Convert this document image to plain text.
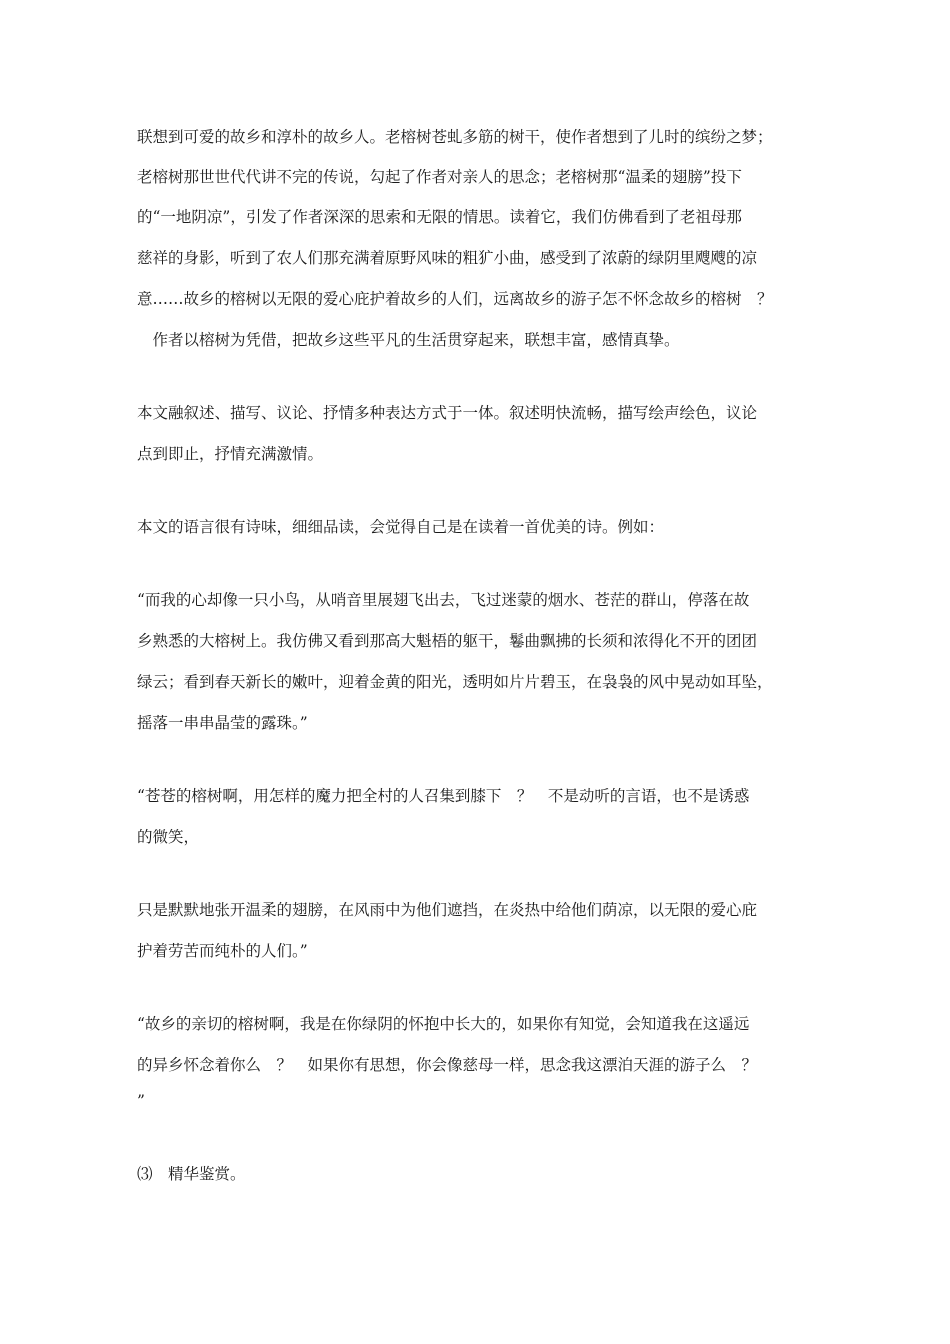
联想到可爱的故乡和淳朴的故乡人。老榕树苍虬多筋的树干，使作者想到了儿时的缤纷之梦；
老榕树那世世代代讲不完的传说，勾起了作者对亲人的思念；老榕树那“温柔的翅膀”投下
的“一地阴凉”，引发了作者深深的思索和无限的情思。读着它，我们仿佛看到了老祖母那
慈祥的身影，听到了农人们那充满着原野风味的粗犷小曲，感受到了浓蔚的绿阴里飕飕的凉
意……故乡的榕树以无限的爱心庇护着故乡的人们，远离故乡的游子怎不怀念故乡的榕树　？
　作者以榕树为凭借，把故乡这些平凡的生活贯穿起来，联想丰富，感情真挚。
本文融叙述、描写、议论、抒情多种表达方式于一体。叙述明快流畅，描写绘声绘色，议论
点到即止，抒情充满激情。
本文的语言很有诗味，细细品读，会觉得自己是在读着一首优美的诗。例如：
“而我的心却像一只小鸟，从哨音里展翅飞出去，飞过迷蒙的烟水、苍茫的群山，停落在故
乡熟悉的大榕树上。我仿佛又看到那高大魁梧的躯干，鬈曲飘拂的长须和浓得化不开的团团
绿云；看到春天新长的嫩叶，迎着金黄的阳光，透明如片片碧玉，在袅袅的风中晃动如耳坠，
摇落一串串晶莹的露珠。”
“苍苍的榕树啊，用怎样的魔力把全村的人召集到膝下　？　不是动听的言语，也不是诱惑
的微笑，
只是默默地张开温柔的翅膀，在风雨中为他们遮挡，在炎热中给他们荫凉，以无限的爱心庇
护着劳苦而纯朴的人们。”
“故乡的亲切的榕树啊，我是在你绿阴的怀抱中长大的，如果你有知觉，会知道我在这遥远
的异乡怀念着你么　？　如果你有思想，你会像慈母一样，思念我这漂泊天涯的游子么　？
”
⑶　精华鉴赏。
